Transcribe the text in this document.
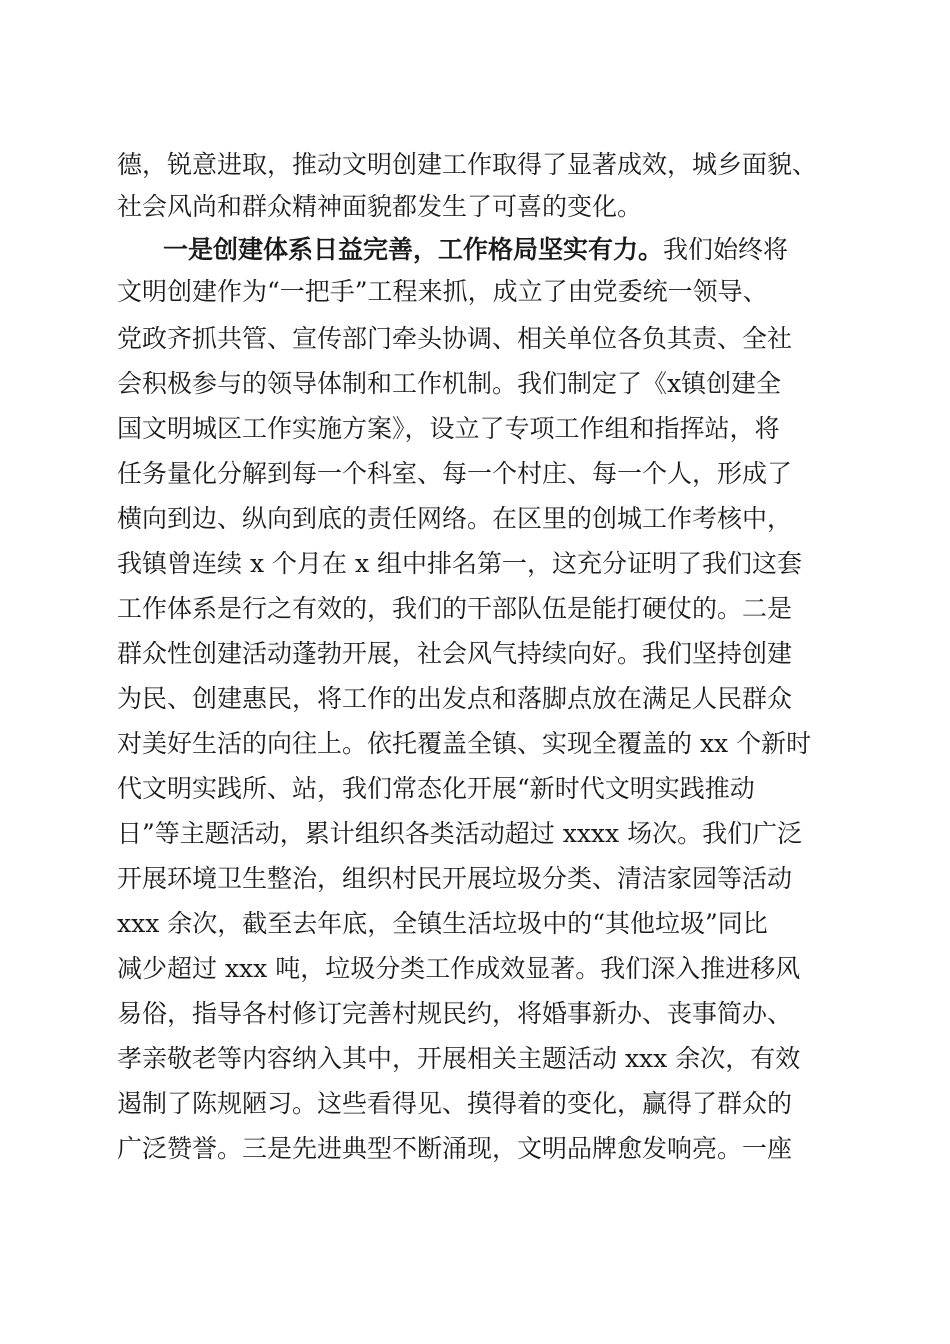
德，锐意进取，推动文明创建工作取得了显著成效，城乡面貌、
社会风尚和群众精神面貌都发生了可喜的变化。
一是创建体系日益完善，工作格局坚实有力。我们始终将
文明创建作为“一把手”工程来抓，成立了由党委统一领导、
党政齐抓共管、宣传部门牵头协调、相关单位各负其责、全社
会积极参与的领导体制和工作机制。我们制定了《x镇创建全
国文明城区工作实施方案》，设立了专项工作组和指挥站，将
任务量化分解到每一个科室、每一个村庄、每一个人，形成了
横向到边、纵向到底的责任网络。在区里的创城工作考核中，
我镇曾连续 x 个月在 x 组中排名第一，这充分证明了我们这套
工作体系是行之有效的，我们的干部队伍是能打硬仗的。二是
群众性创建活动蓬勃开展，社会风气持续向好。我们坚持创建
为民、创建惠民，将工作的出发点和落脚点放在满足人民群众
对美好生活的向往上。依托覆盖全镇、实现全覆盖的 xx 个新时
代文明实践所、站，我们常态化开展“新时代文明实践推动
日”等主题活动，累计组织各类活动超过 xxxx 场次。我们广泛
开展环境卫生整治，组织村民开展垃圾分类、清洁家园等活动
xxx 余次，截至去年底，全镇生活垃圾中的“其他垃圾”同比
减少超过 xxx 吨，垃圾分类工作成效显著。我们深入推进移风
易俗，指导各村修订完善村规民约，将婚事新办、丧事简办、
孝亲敬老等内容纳入其中，开展相关主题活动 xxx 余次，有效
遏制了陈规陋习。这些看得见、摸得着的变化，赢得了群众的
广泛赞誉。三是先进典型不断涌现，文明品牌愈发响亮。一座
